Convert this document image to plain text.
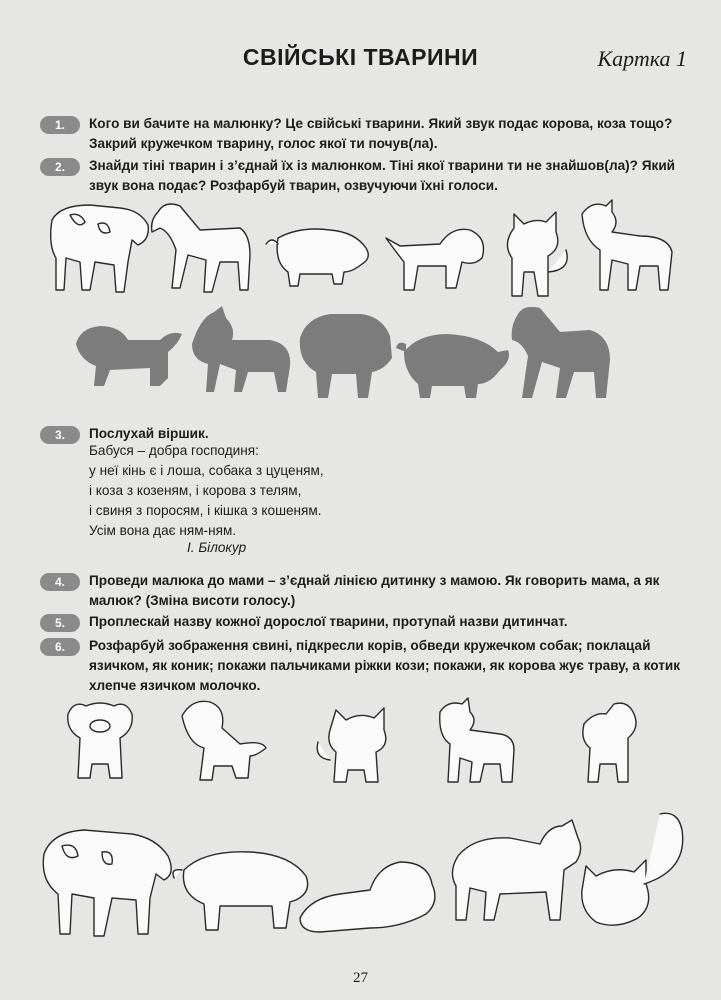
СВІЙСЬКІ ТВАРИНИ	Картка 1
1.	Кого ви бачите на малюнку? Це свійські тварини. Який звук подає корова, коза тощо? Закрий кружечком тварину, голос якої ти почув(ла).
2.	Знайди тіні тварин і з’єднай їх із малюнком. Тіні якої тварини ти не знайшов(ла)? Який звук вона подає? Розфарбуй тварин, озвучуючи їхні голоси.
3.	Послухай віршик.
Бабуся – добра господиня:
у неї кінь є і лоша, собака з цуценям,
і коза з козеням, і корова з телям,
і свиня з поросям, і кішка з кошеням.
Усім вона дає ням-ням.
І. Білокур
4.	Проведи малюка до мами – з’єднай лінією дитинку з мамою. Як говорить мама, а як малюк? (Зміна висоти голосу.)
5.	Проплескай назву кожної дорослої тварини, протупай назви дитинчат.
6.	Розфарбуй зображення свині, підкресли корів, обведи кружечком собак; поклацай язичком, як коник; покажи пальчиками ріжки кози; покажи, як корова жує траву, а котик хлепче язичком молочко.
27
